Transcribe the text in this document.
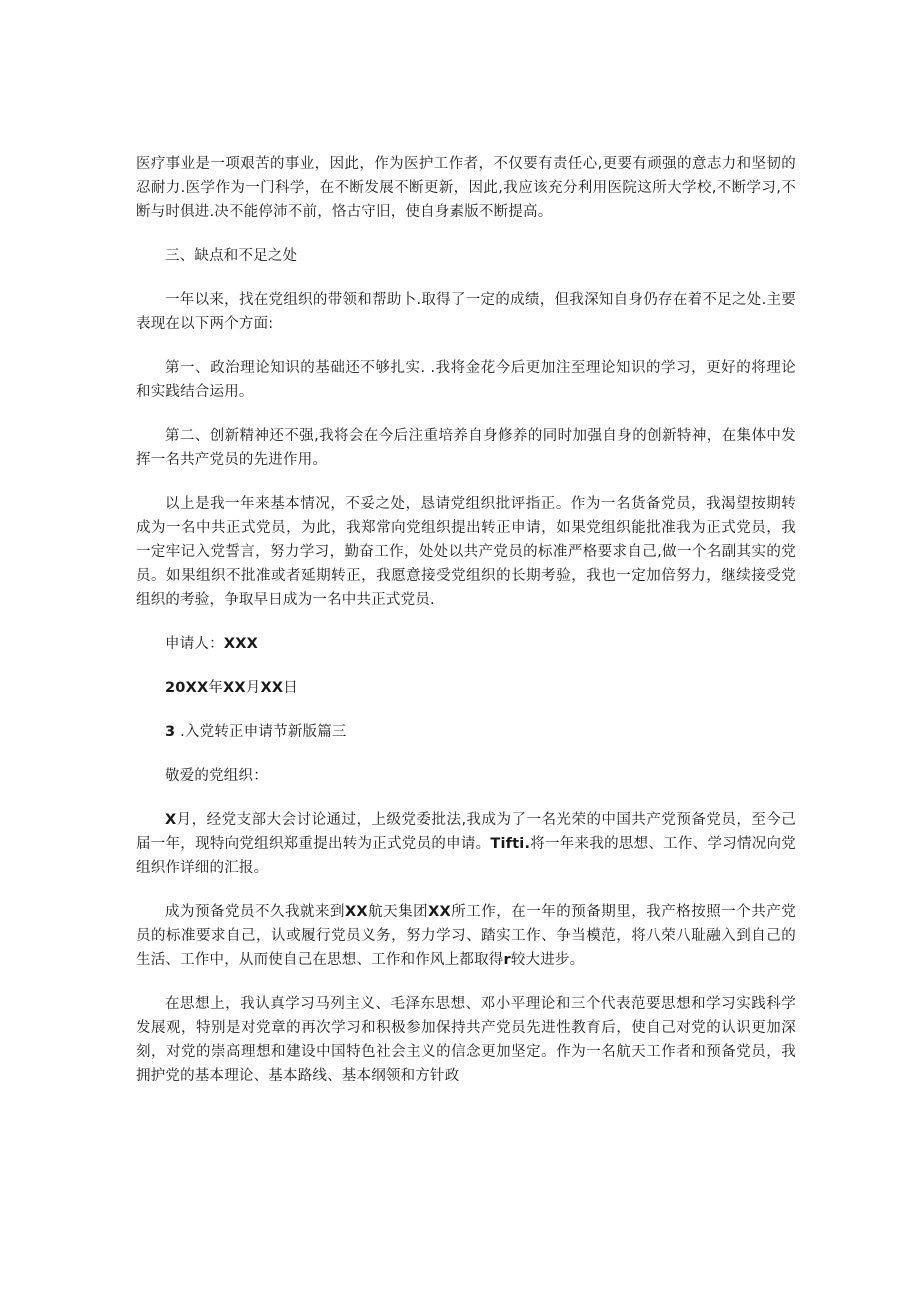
医疗事业是一项艰苦的事业，因此，作为医护工作者，不仅要有责任心,更要有顽强的意志力和坚韧的忍耐力.医学作为一门科学，在不断发展不断更新，因此,我应该充分利用医院这所大学校,不断学习,不断与时俱进.决不能停沛不前，恪古守旧，使自身素版不断提高。

三、缺点和不足之处

一年以来，找在党组织的带领和帮助卜.取得了一定的成绩，但我深知自身仍存在着不足之处.主要表现在以下两个方面:

第一、政治理论知识的基础还不够扎实. .我将金花今后更加注至理论知识的学习，更好的将理论和实践结合运用。

第二、创新精神还不强,我将会在今后注重培养自身修养的同时加强自身的创新特神，在集体中发挥一名共产党员的先进作用。

以上是我一年来基本情况，不妥之处，恳请党组织批评指正。作为一名货备党员，我渴望按期转成为一名中共正式党员，为此，我郑常向党组织提出转正申请，如果党组织能批准我为正式党员，我一定牢记入党誓言，努力学习，勤奋工作，处处以共产党员的标准严格要求自己,做一个名副其实的党员。如果组织不批准或者延期转正，我愿意接受党组织的长期考验，我也一定加倍努力，继续接受党组织的考验，争取早日成为一名中共正式党员.

申请人：XXX

20XX年XX月XX日

3 .入党转正申请节新版篇三

敬爱的党组织：

X月，经党支部大会讨论通过，上级党委批法,我成为了一名光荣的中国共产党预备党员，至今己届一年，现特向党组织郑重提出转为正式党员的申请。Tifti.将一年来我的思想、工作、学习情况向党组织作详细的汇报。

成为预备党员不久我就来到XX航天集团XX所工作，在一年的预备期里，我产格按照一个共产党员的标准要求自己，认或履行党员义务，努力学习、踏实工作、争当模范，将八荣八耻融入到自己的生活、工作中，从而使自己在思想、工作和作风上都取得r较大进步。

在思想上，我认真学习马列主义、毛泽东思想、邓小平理论和三个代表范要思想和学习实践科学发展观，特别是对党章的再次学习和积极参加保持共产党员先进性教育后，使自己对党的认识更加深刻，对党的崇高理想和建设中国特色社会主义的信念更加坚定。作为一名航天工作者和预备党员，我拥护党的基本理论、基本路线、基本纲领和方针政
